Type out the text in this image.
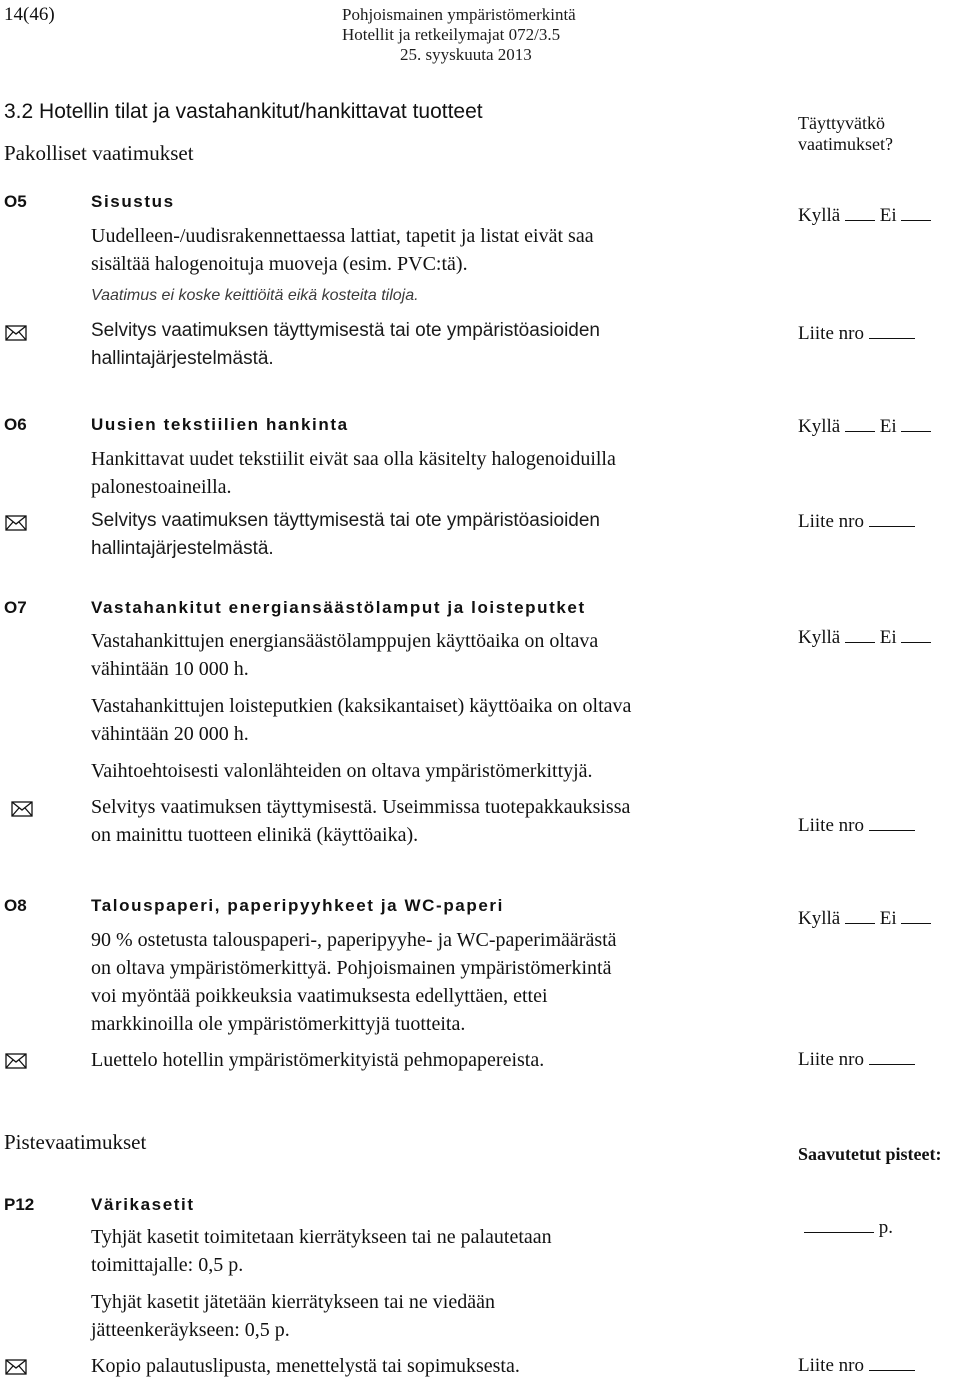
14(46)	Pohjoismainen ympäristömerkintä
Hotellit ja retkeilymajat 072/3.5
25. syyskuuta 2013
3.2 Hotellin tilat ja vastahankitut/hankittavat tuotteet
Pakolliset vaatimukset
Täyttyvätkö
vaatimukset?
O5	Sisustus
Uudelleen-/uudisrakennettaessa lattiat, tapetit ja listat eivät saa
sisältää halogenoituja muoveja (esim. PVC:tä).
Vaatimus ei koske keittiöitä eikä kosteita tiloja.
Selvitys vaatimuksen täyttymisestä tai ote ympäristöasioiden
hallintajärjestelmästä.
Kyllä Ei
Liite nro
O6	Uusien tekstiilien hankinta
Hankittavat uudet tekstiilit eivät saa olla käsitelty halogenoiduilla
palonestoaineilla.
Selvitys vaatimuksen täyttymisestä tai ote ympäristöasioiden
hallintajärjestelmästä.
Kyllä Ei
Liite nro
O7	Vastahankitut energiansäästölamput ja loisteputket
Vastahankittujen energiansäästölamppujen käyttöaika on oltava
vähintään 10 000 h.
Vastahankittujen loisteputkien (kaksikantaiset) käyttöaika on oltava
vähintään 20 000 h.
Vaihtoehtoisesti valonlähteiden on oltava ympäristömerkittyjä.
Selvitys vaatimuksen täyttymisestä. Useimmissa tuotepakkauksissa
on mainittu tuotteen elinikä (käyttöaika).
Kyllä Ei
Liite nro
O8	Talouspaperi, paperipyyhkeet ja WC-paperi
90 % ostetusta talouspaperi-, paperipyyhe- ja WC-paperimäärästä
on oltava ympäristömerkittyä. Pohjoismainen ympäristömerkintä
voi myöntää poikkeuksia vaatimuksesta edellyttäen, ettei
markkinoilla ole ympäristömerkittyjä tuotteita.
Luettelo hotellin ympäristömerkityistä pehmopapereista.
Kyllä Ei
Liite nro
Pistevaatimukset	Saavutetut pisteet:
P12	Värikasetit
Tyhjät kasetit toimitetaan kierrätykseen tai ne palautetaan
toimittajalle: 0,5 p.
Tyhjät kasetit jätetään kierrätykseen tai ne viedään
jätteenkeräykseen: 0,5 p.
Kopio palautuslipusta, menettelystä tai sopimuksesta.
p.
Liite nro
